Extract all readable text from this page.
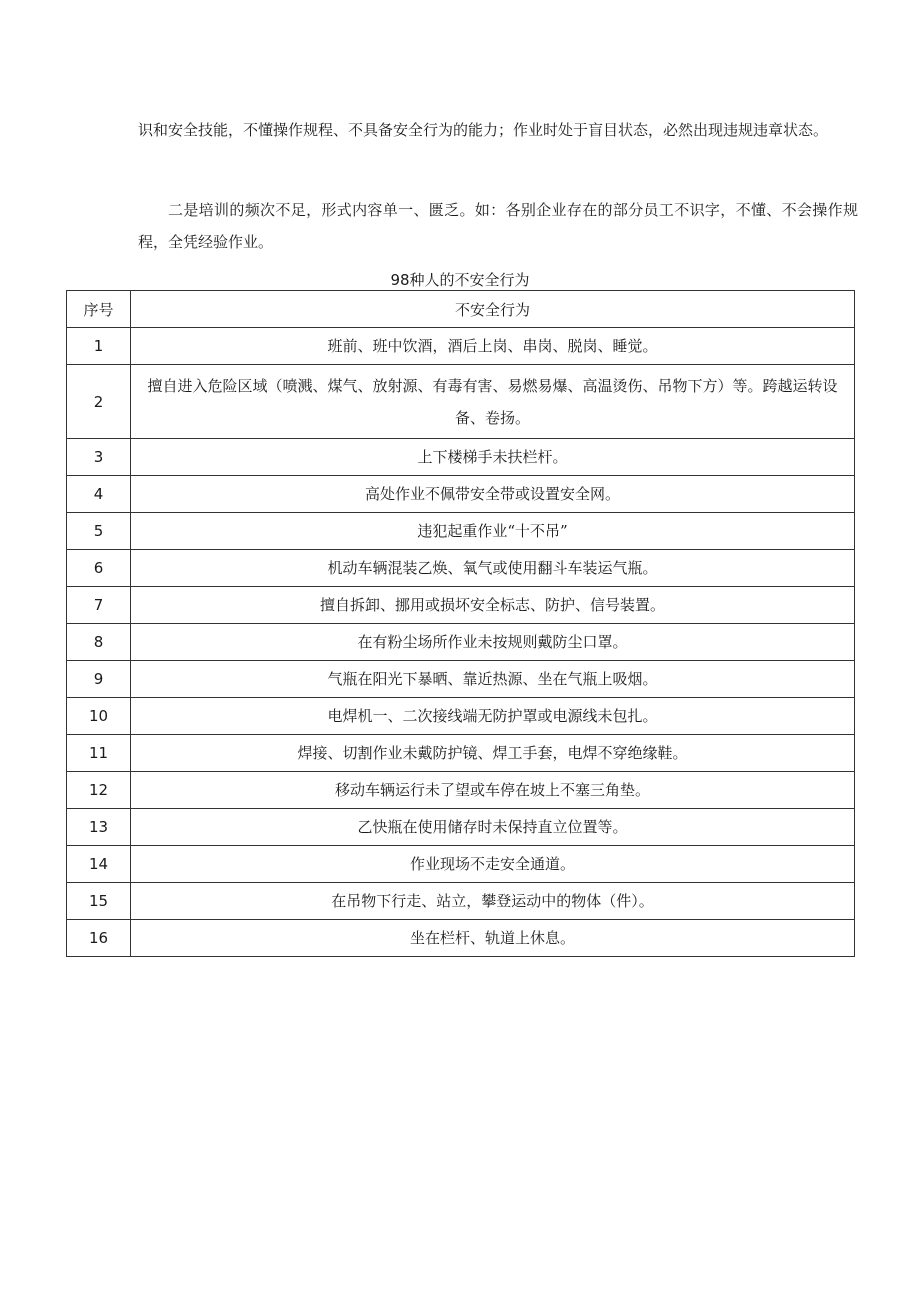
识和安全技能，不懂操作规程、不具备安全行为的能力；作业时处于盲目状态，必然出现违规违章状态。

二是培训的频次不足，形式内容单一、匮乏。如：各别企业存在的部分员工不识字，不懂、不会操作规程，全凭经验作业。

98种人的不安全行为
序号	不安全行为
1	班前、班中饮酒，酒后上岗、串岗、脱岗、睡觉。
2	擅自进入危险区域（喷溅、煤气、放射源、有毒有害、易燃易爆、高温烫伤、吊物下方）等。跨越运转设备、卷扬。
3	上下楼梯手未扶栏杆。
4	高处作业不佩带安全带或设置安全网。
5	违犯起重作业“十不吊”
6	机动车辆混装乙焕、氧气或使用翻斗车装运气瓶。
7	擅自拆卸、挪用或损坏安全标志、防护、信号装置。
8	在有粉尘场所作业未按规则戴防尘口罩。
9	气瓶在阳光下暴晒、靠近热源、坐在气瓶上吸烟。
10	电焊机一、二次接线端无防护罩或电源线未包扎。
11	焊接、切割作业未戴防护镜、焊工手套，电焊不穿绝缘鞋。
12	移动车辆运行未了望或车停在坡上不塞三角垫。
13	乙快瓶在使用储存时未保持直立位置等。
14	作业现场不走安全通道。
15	在吊物下行走、站立，攀登运动中的物体（件）。
16	坐在栏杆、轨道上休息。
